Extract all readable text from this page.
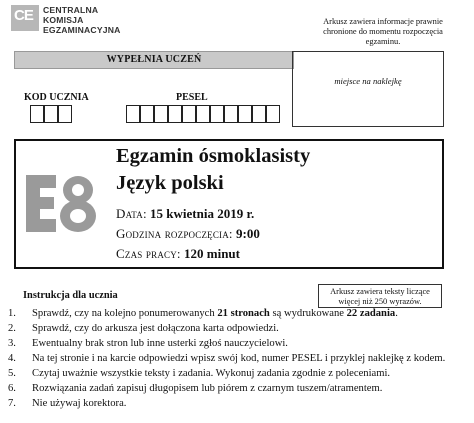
CE CENTRALNA
KOMISJA
EGZAMINACYJNA
Arkusz zawiera informacje prawnie chronione do momentu rozpoczęcia egzaminu.
WYPEŁNIA UCZEŃ
miejsce na naklejkę
KOD UCZNIA	PESEL
Egzamin ósmoklasisty
Język polski
Data: 15 kwietnia 2019 r.
Godzina rozpoczęcia: 9:00
Czas pracy: 120 minut
Arkusz zawiera teksty liczące więcej niż 250 wyrazów.
Instrukcja dla ucznia
1. Sprawdź, czy na kolejno ponumerowanych 21 stronach są wydrukowane 22 zadania.
2. Sprawdź, czy do arkusza jest dołączona karta odpowiedzi.
3. Ewentualny brak stron lub inne usterki zgłoś nauczycielowi.
4. Na tej stronie i na karcie odpowiedzi wpisz swój kod, numer PESEL i przyklej naklejkę z kodem.
5. Czytaj uważnie wszystkie teksty i zadania. Wykonuj zadania zgodnie z poleceniami.
6. Rozwiązania zadań zapisuj długopisem lub piórem z czarnym tuszem/atramentem.
7. Nie używaj korektora.
